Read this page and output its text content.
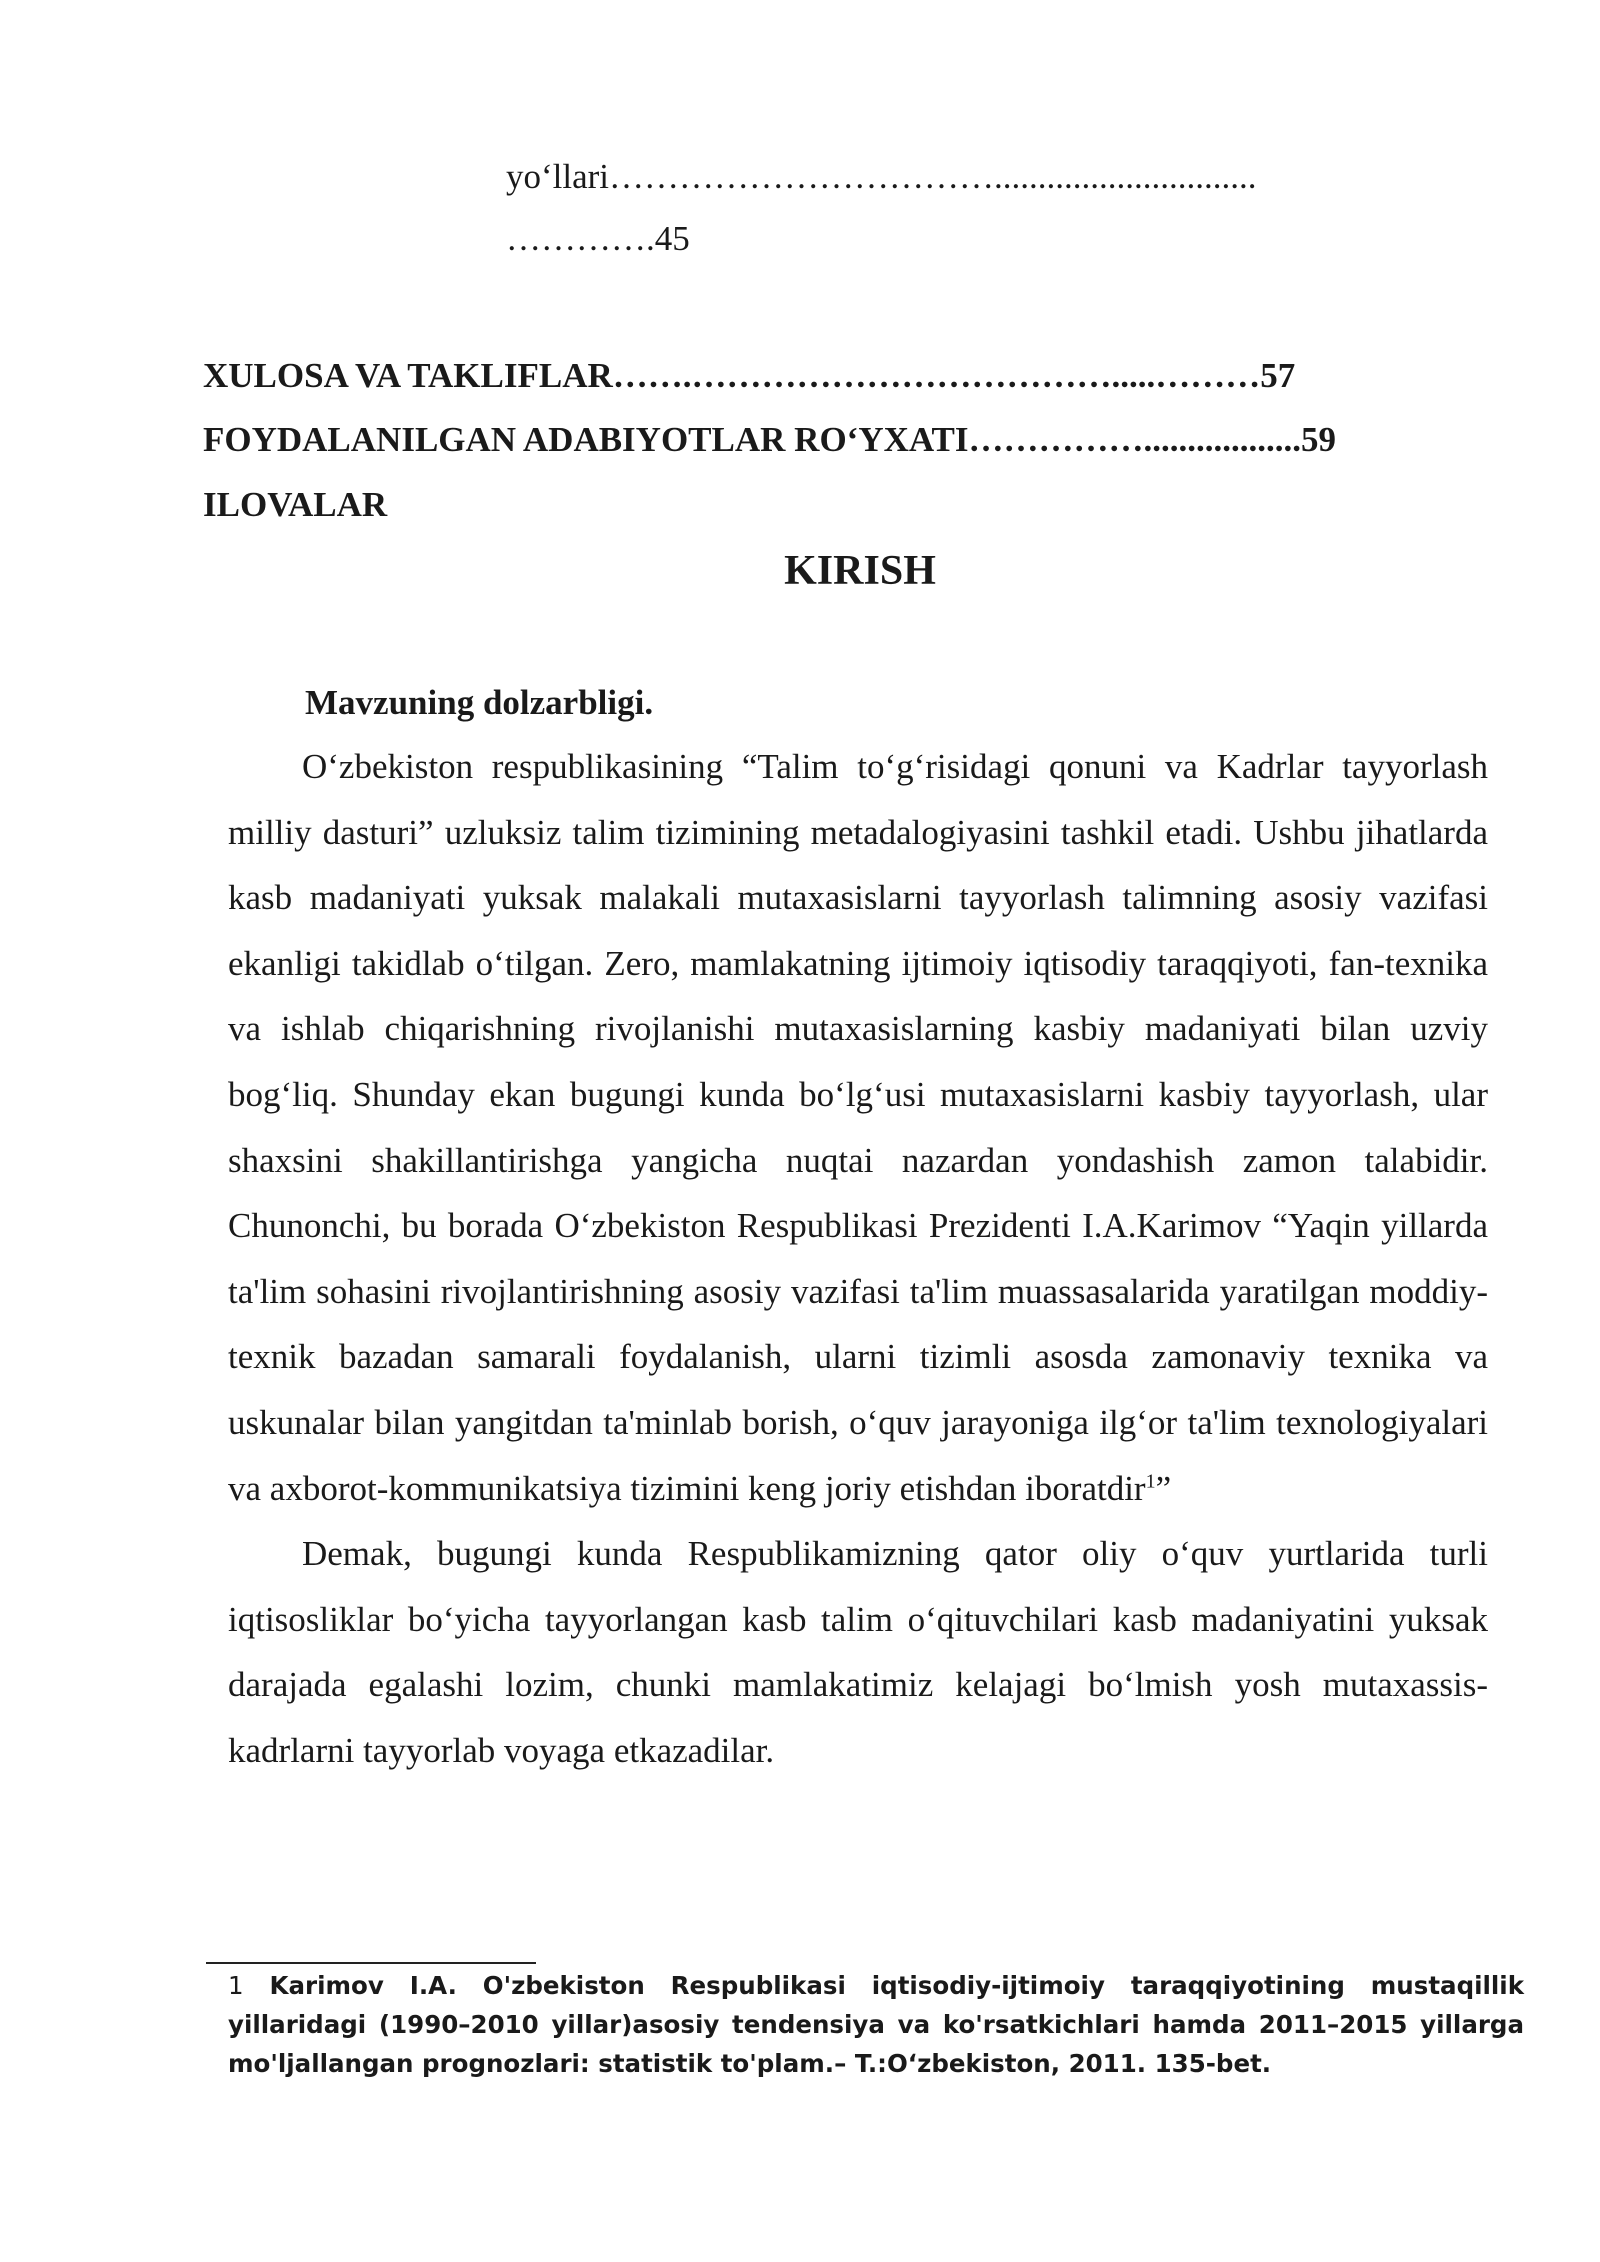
yoʻllari……………………………..............................
………….45
XULOSA VA TAKLIFLAR…….……………………………….....………57
FOYDALANILGAN ADABIYOTLAR ROʻYXATI……………..................59
ILOVALAR
KIRISH
Mavzuning dolzarbligi.

Oʻzbekiston respublikasining “Talim toʻgʻrisidagi qonuni va Kadrlar tayyorlash milliy dasturi” uzluksiz talim tizimining metadalogiyasini tashkil etadi. Ushbu jihatlarda kasb madaniyati yuksak malakali mutaxasislarni tayyorlash talimning asosiy vazifasi ekanligi takidlab oʻtilgan. Zero, mamlakatning ijtimoiy iqtisodiy taraqqiyoti, fan-texnika va ishlab chiqarishning rivojlanishi mutaxasislarning kasbiy madaniyati bilan uzviy bogʻliq. Shunday ekan bugungi kunda boʻlgʻusi mutaxasislarni kasbiy tayyorlash, ular shaxsini shakillantirishga yangicha nuqtai nazardan yondashish zamon talabidir. Chunonchi, bu borada Oʻzbekiston Respublikasi Prezidenti I.A.Karimov “Yaqin yillarda ta'lim sohasini rivojlantirishning asosiy vazifasi ta'lim muassasalarida yaratilgan moddiy-texnik bazadan samarali foydalanish, ularni tizimli asosda zamonaviy texnika va uskunalar bilan yangitdan ta'minlab borish, oʻquv jarayoniga ilgʻor ta'lim texnologiyalari va axborot-kommunikatsiya tizimini keng joriy etishdan iboratdir$^1$”

Demak, bugungi kunda Respublikamizning qator oliy oʻquv yurtlarida turli iqtisosliklar boʻyicha tayyorlangan kasb talim oʻqituvchilari kasb madaniyatini yuksak darajada egalashi lozim, chunki mamlakatimiz kelajagi boʻlmish yosh mutaxassis-kadrlarni tayyorlab voyaga etkazadilar.

1 Karimov I.A. O'zbekiston Respublikasi iqtisodiy-ijtimoiy taraqqiyotining mustaqillik yillaridagi (1990–2010 yillar)asosiy tendensiya va ko'rsatkichlari hamda 2011–2015 yillarga mo'ljallangan prognozlari: statistik to'plam.– T.:Oʻzbekiston, 2011. 135-bet.
